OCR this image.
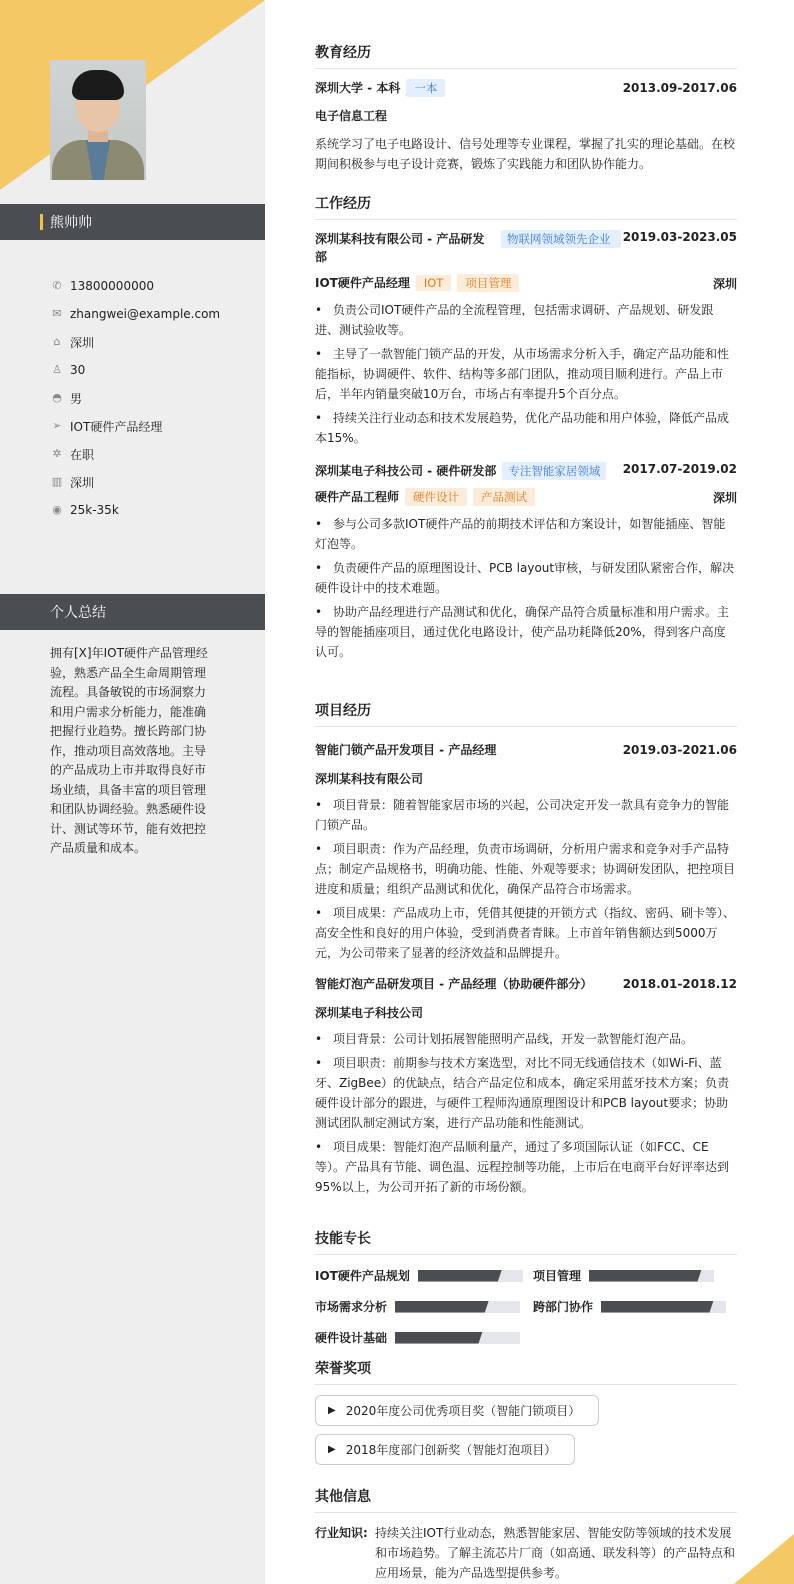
熊帅帅
✆ 13800000000
✉ zhangwei@example.com
⌂ 深圳
♙ 30
◓ 男
➢ IOT硬件产品经理
✲ 在职
▥ 深圳
◉ 25k-35k
个人总结
拥有[X]年IOT硬件产品管理经验，熟悉产品全生命周期管理流程。具备敏锐的市场洞察力和用户需求分析能力，能准确把握行业趋势。擅长跨部门协作，推动项目高效落地。主导的产品成功上市并取得良好市场业绩，具备丰富的项目管理和团队协调经验。熟悉硬件设计、测试等环节，能有效把控产品质量和成本。
教育经历
深圳大学 - 本科 一本	2013.09-2017.06
电子信息工程
系统学习了电子电路设计、信号处理等专业课程，掌握了扎实的理论基础。在校期间积极参与电子设计竞赛，锻炼了实践能力和团队协作能力。
工作经历
深圳某科技有限公司 - 产品研发部
物联网领域领先企业	2019.03-2023.05
IOT硬件产品经理 IOT 项目管理	深圳
• 负责公司IOT硬件产品的全流程管理，包括需求调研、产品规划、研发跟进、测试验收等。
• 主导了一款智能门锁产品的开发，从市场需求分析入手，确定产品功能和性能指标，协调硬件、软件、结构等多部门团队，推动项目顺利进行。产品上市后，半年内销量突破10万台，市场占有率提升5个百分点。
• 持续关注行业动态和技术发展趋势，优化产品功能和用户体验，降低产品成本15%。
深圳某电子科技公司 - 硬件研发部	专注智能家居领域	2017.07-2019.02
硬件产品工程师 硬件设计 产品测试	深圳
• 参与公司多款IOT硬件产品的前期技术评估和方案设计，如智能插座、智能灯泡等。
• 负责硬件产品的原理图设计、PCB layout审核，与研发团队紧密合作，解决硬件设计中的技术难题。
• 协助产品经理进行产品测试和优化，确保产品符合质量标准和用户需求。主导的智能插座项目，通过优化电路设计，使产品功耗降低20%，得到客户高度认可。
项目经历
智能门锁产品开发项目 - 产品经理	2019.03-2021.06
深圳某科技有限公司
• 项目背景：随着智能家居市场的兴起，公司决定开发一款具有竞争力的智能门锁产品。
• 项目职责：作为产品经理，负责市场调研，分析用户需求和竞争对手产品特点；制定产品规格书，明确功能、性能、外观等要求；协调研发团队，把控项目进度和质量；组织产品测试和优化，确保产品符合市场需求。
• 项目成果：产品成功上市，凭借其便捷的开锁方式（指纹、密码、刷卡等）、高安全性和良好的用户体验，受到消费者青睐。上市首年销售额达到5000万元，为公司带来了显著的经济效益和品牌提升。
智能灯泡产品研发项目 - 产品经理（协助硬件部分）	2018.01-2018.12
深圳某电子科技公司
• 项目背景：公司计划拓展智能照明产品线，开发一款智能灯泡产品。
• 项目职责：前期参与技术方案选型，对比不同无线通信技术（如Wi-Fi、蓝牙、ZigBee）的优缺点，结合产品定位和成本，确定采用蓝牙技术方案；负责硬件设计部分的跟进，与硬件工程师沟通原理图设计和PCB layout要求；协助测试团队制定测试方案，进行产品功能和性能测试。
• 项目成果：智能灯泡产品顺利量产，通过了多项国际认证（如FCC、CE等）。产品具有节能、调色温、远程控制等功能，上市后在电商平台好评率达到95%以上，为公司开拓了新的市场份额。
技能专长
IOT硬件产品规划	项目管理
市场需求分析	跨部门协作
硬件设计基础
荣誉奖项
▶ 2020年度公司优秀项目奖（智能门锁项目）
▶ 2018年度部门创新奖（智能灯泡项目）
其他信息
行业知识: 持续关注IOT行业动态，熟悉智能家居、智能安防等领域的技术发展和市场趋势。了解主流芯片厂商（如高通、联发科等）的产品特点和应用场景，能为产品选型提供参考。
